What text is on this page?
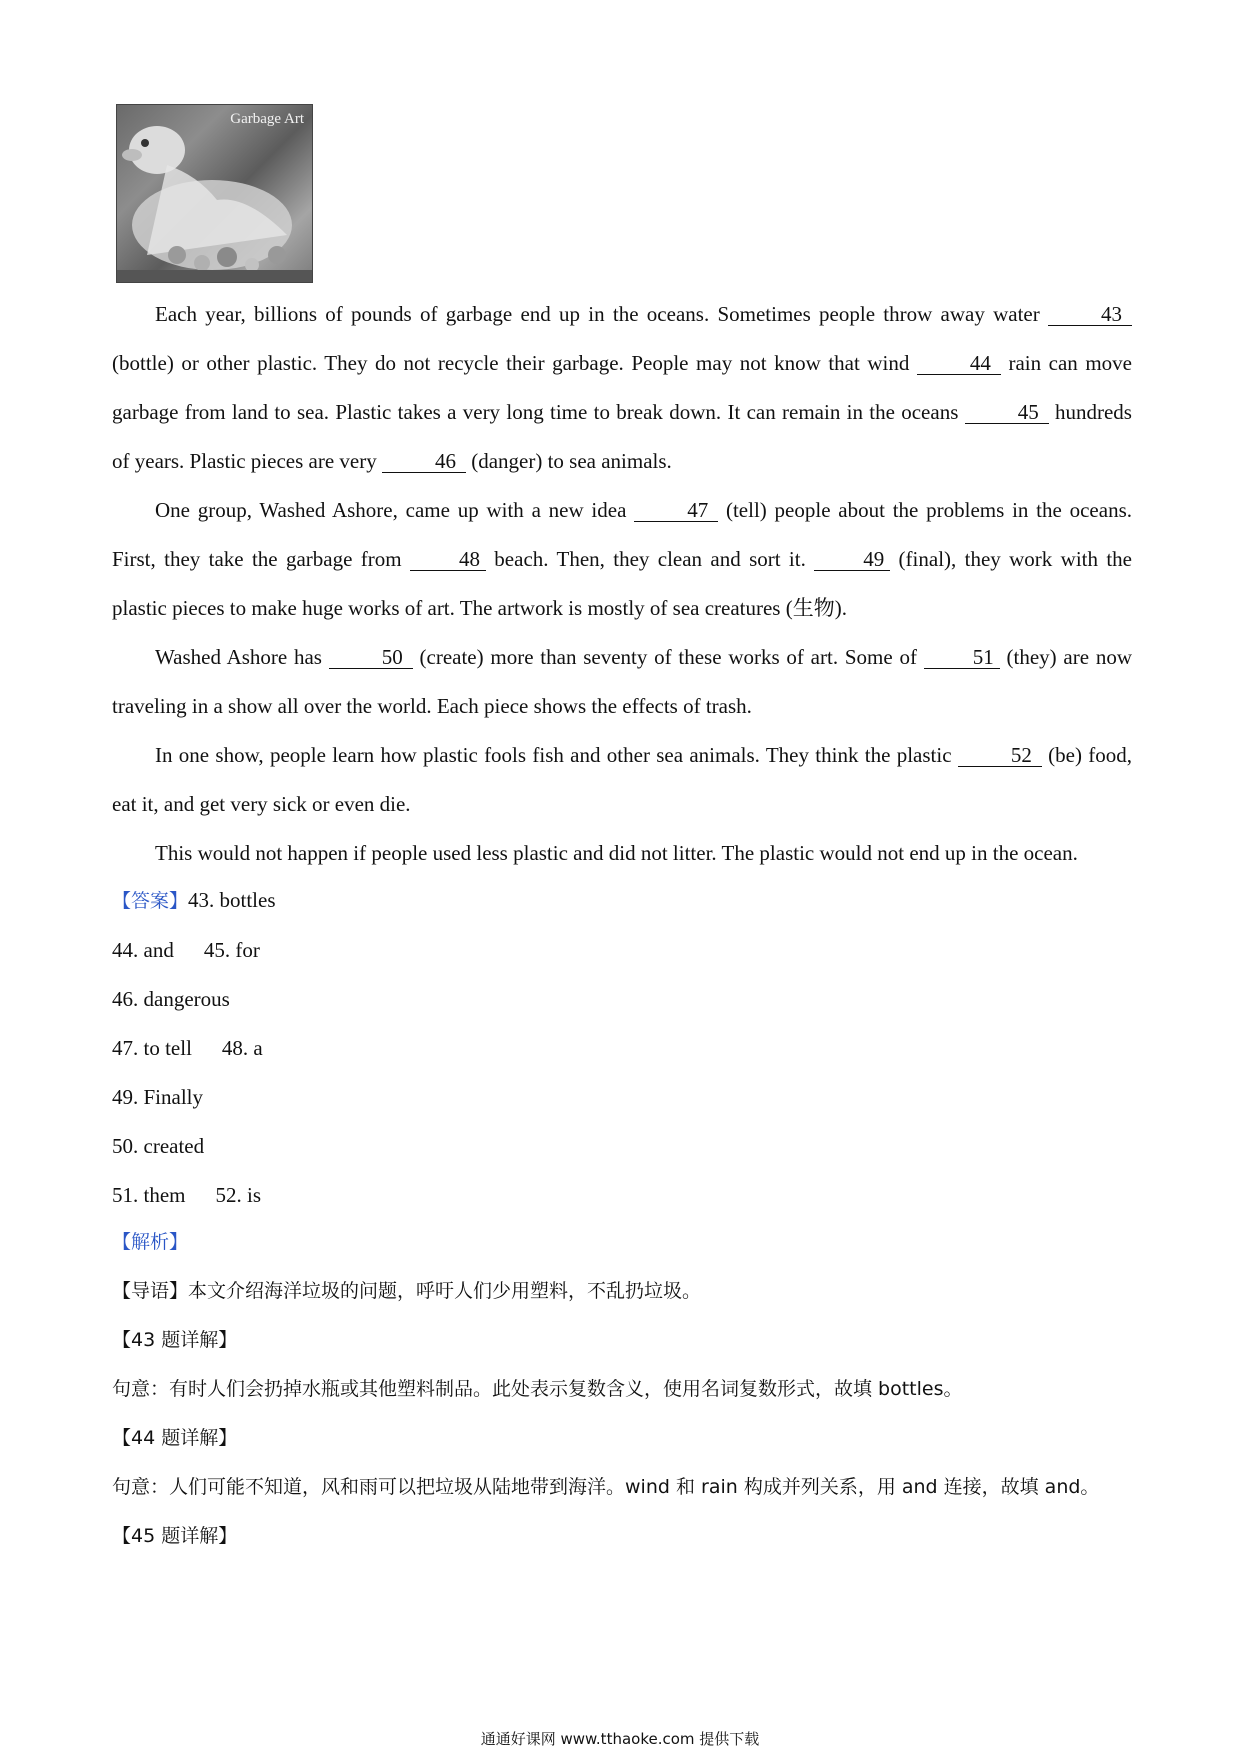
Garbage Art

Each year, billions of pounds of garbage end up in the oceans. Sometimes people throw away water	43 (bottle) or other plastic. They do not recycle their garbage. People may not know that wind	44 rain can move garbage from land to sea. Plastic takes a very long time to break down. It can remain in the oceans	45 hundreds of years. Plastic pieces are very	46 (danger) to sea animals.

One group, Washed Ashore, came up with a new idea	47 (tell) people about the problems in the oceans. First, they take the garbage from 48 beach. Then, they clean and sort it. 49 (final), they work with the plastic pieces to make huge works of art. The artwork is mostly of sea creatures (生物).

Washed Ashore has	50 (create) more than seventy of these works of art. Some of 51 (they) are now traveling in a show all over the world. Each piece shows the effects of trash.

In one show, people learn how plastic fools fish and other sea animals. They think the plastic	52 (be) food, eat it, and get very sick or even die.

This would not happen if people used less plastic and did not litter. The plastic would not end up in the ocean.

【答案】43. bottles

44. and 45. for

46. dangerous

47. to tell 48. a

49. Finally

50. created

51. them 52. is

【解析】

【导语】本文介绍海洋垃圾的问题，呼吁人们少用塑料，不乱扔垃圾。

【43 题详解】

句意：有时人们会扔掉水瓶或其他塑料制品。此处表示复数含义，使用名词复数形式，故填 bottles。

【44 题详解】

句意：人们可能不知道，风和雨可以把垃圾从陆地带到海洋。wind 和 rain 构成并列关系，用 and 连接，故填 and。

【45 题详解】

通通好课网 www.tthaoke.com 提供下载
